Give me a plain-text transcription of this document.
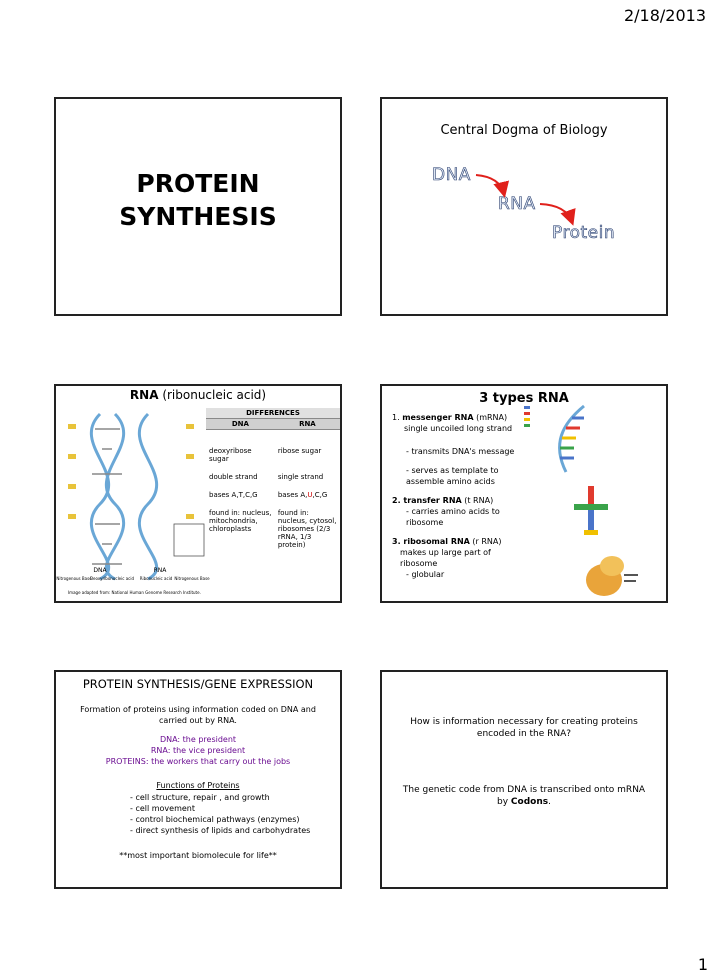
2/18/2013
PROTEIN
SYNTHESIS
Central Dogma of Biology
DNA
RNA
Protein
RNA (ribonucleic acid)
DNA	RNA
Nitrogenous Base
Deoxyribonucleic acid Ribonucleic acid Nitrogenous Base
Image adapted from: National Human Genome Research Institute.
DIFFERENCES	
DNA	RNA

deoxyribose sugar	ribose sugar

double strand	single strand

bases A,T,C,G	bases A,U,C,G

found in: nucleus, mitochondria, chloroplasts	found in: nucleus, cytosol, ribosomes (2/3 rRNA, 1/3 protein)
3 types RNA
1. messenger RNA (mRNA)
single uncoiled long strand
- transmits DNA's message
- serves as template to assemble amino acids
2. transfer RNA (t RNA)
- carries amino acids to ribosome
3. ribosomal RNA (r RNA)
makes up large part of ribosome
- globular
PROTEIN SYNTHESIS/GENE EXPRESSION
Formation of proteins using information coded on DNA and carried out by RNA.
DNA: the president
RNA: the vice president
PROTEINS: the workers that carry out the jobs
Functions of Proteins
- cell structure, repair , and growth
- cell movement
- control biochemical pathways (enzymes)
- direct synthesis of lipids and carbohydrates
**most important biomolecule for life**
How is information necessary for creating proteins encoded in the RNA?
The genetic code from DNA is transcribed onto mRNA by Codons.
1
